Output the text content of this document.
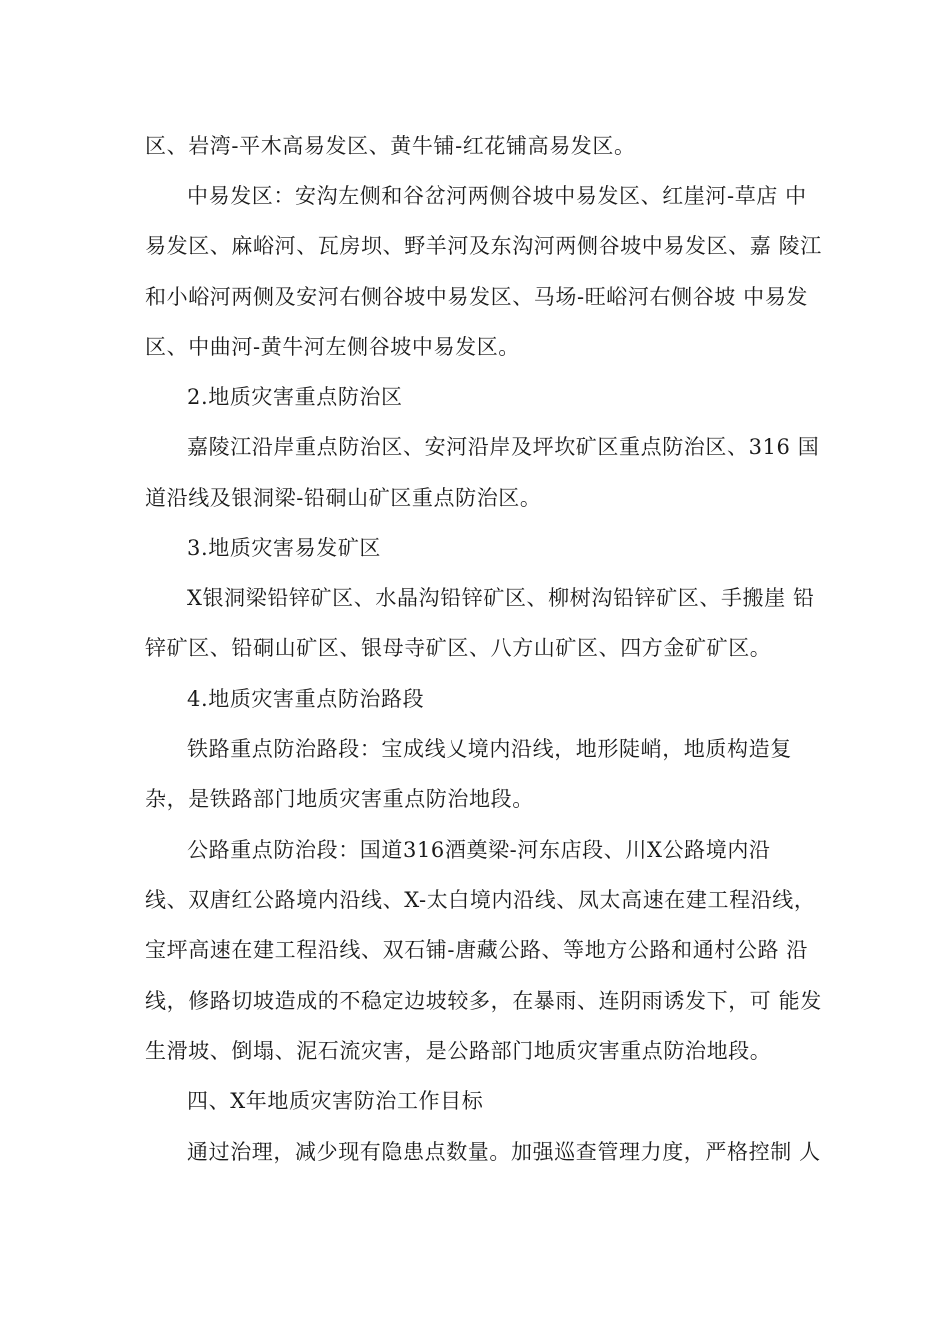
区、岩湾-平木高易发区、黄牛铺-红花铺高易发区。
中易发区：安沟左侧和谷岔河两侧谷坡中易发区、红崖河-草店 中
易发区、麻峪河、瓦房坝、野羊河及东沟河两侧谷坡中易发区、嘉 陵江
和小峪河两侧及安河右侧谷坡中易发区、马场-旺峪河右侧谷坡 中易发
区、中曲河-黄牛河左侧谷坡中易发区。
2.地质灾害重点防治区
嘉陵江沿岸重点防治区、安河沿岸及坪坎矿区重点防治区、316 国
道沿线及银洞梁-铅硐山矿区重点防治区。
3.地质灾害易发矿区
X银洞梁铅锌矿区、水晶沟铅锌矿区、柳树沟铅锌矿区、手搬崖 铅
锌矿区、铅硐山矿区、银母寺矿区、八方山矿区、四方金矿矿区。
4.地质灾害重点防治路段
铁路重点防治路段：宝成线乂境内沿线，地形陡峭，地质构造复
杂，是铁路部门地质灾害重点防治地段。
公路重点防治段：国道316酒奠梁-河东店段、川X公路境内沿
线、双唐红公路境内沿线、X-太白境内沿线、凤太高速在建工程沿线，
宝坪高速在建工程沿线、双石铺-唐藏公路、等地方公路和通村公路 沿
线，修路切坡造成的不稳定边坡较多，在暴雨、连阴雨诱发下，可 能发
生滑坡、倒塌、泥石流灾害，是公路部门地质灾害重点防治地段。
四、X年地质灾害防治工作目标
通过治理，减少现有隐患点数量。加强巡查管理力度，严格控制 人
